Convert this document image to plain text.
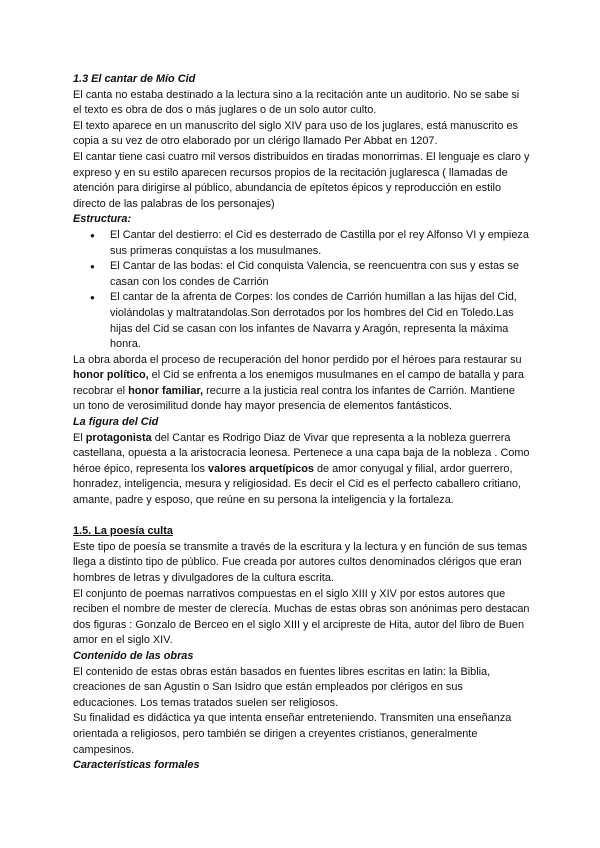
1.3 El cantar de Mío Cid

El canta no estaba destinado a la lectura sino a la recitación ante un auditorio. No se sabe si el texto es obra de dos o más juglares o de un solo autor culto.

El texto aparece en un manuscrito del siglo XIV para uso de los juglares, está manuscrito es copia a su vez de otro elaborado por un clérigo llamado Per Abbat en 1207.

El cantar tiene casi cuatro mil versos distribuidos en tiradas monorrimas. El lenguaje es claro y expreso y en su estilo aparecen recursos propios de la recitación juglaresca ( llamadas de atención para dirigirse al público, abundancia de epítetos épicos y reproducción en estilo directo de las palabras de los personajes)

Estructura:

● El Cantar del destierro: el Cid es desterrado de Castilla por el rey Alfonso VI y empieza sus primeras conquistas a los musulmanes.
● El Cantar de las bodas: el Cid conquista Valencia, se reencuentra con sus y estas se casan con los condes de Carrión
● El cantar de la afrenta de Corpes: los condes de Carrión humillan a las hijas del Cid, violándolas y maltratandolas.Son derrotados por los hombres del Cid en Toledo.Las hijas del Cid se casan con los infantes de Navarra y Aragón, representa la máxima honra.

La obra aborda el proceso de recuperación del honor perdido por el héroes para restaurar su honor político, el Cid se enfrenta a los enemigos musulmanes en el campo de batalla y para recobrar el honor familiar, recurre a la justicia real contra los infantes de Carrión. Mantiene un tono de verosimilitud donde hay mayor presencia de elementos fantásticos.

La figura del Cid

El protagonista del Cantar es Rodrigo Diaz de Vivar que representa a la nobleza guerrera castellana, opuesta a la aristocracia leonesa. Pertenece a una capa baja de la nobleza . Como héroe épico, representa los valores arquetípicos de amor conyugal y filial, ardor guerrero, honradez, inteligencia, mesura y religiosidad. Es decir el Cid es el perfecto caballero critiano, amante, padre y esposo, que reúne en su persona la inteligencia y la fortaleza.

1.5. La poesía culta

Este tipo de poesía se transmite a través de la escritura y la lectura y en función de sus temas llega a distinto tipo de público. Fue creada por autores cultos denominados clérigos que eran hombres de letras y divulgadores de la cultura escrita.

El conjunto de poemas narrativos compuestas en el siglo XIII y XIV por estos autores que reciben el nombre de mester de clerecía. Muchas de estas obras son anónimas pero destacan dos figuras : Gonzalo de Berceo en el siglo XIII y el arcipreste de Hita, autor del libro de Buen amor en el siglo XIV.

Contenido de las obras

El contenido de estas obras están basados en fuentes libres escritas en latin: la Biblia, creaciones de san Agustin o San Isidro que están empleados por clérigos en sus educaciones. Los temas tratados suelen ser religiosos.

Su finalidad es didáctica ya que intenta enseñar entreteniendo. Transmiten una enseñanza orientada a religiosos, pero también se dirigen a creyentes cristianos, generalmente campesinos.

Características formales
